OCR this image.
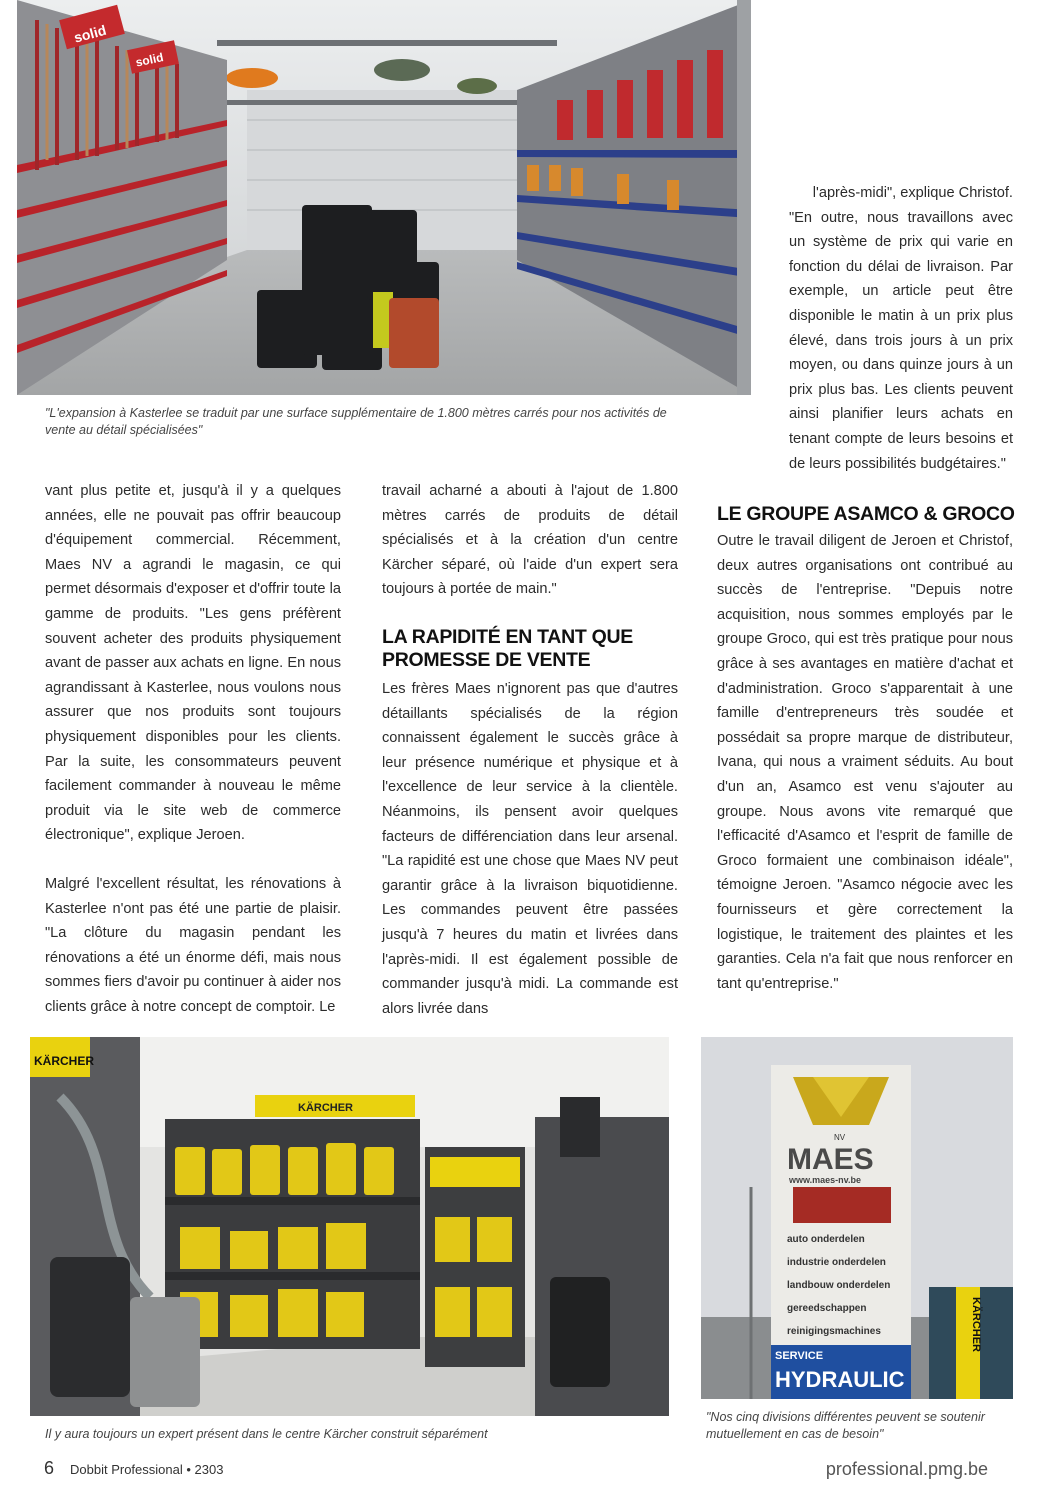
solid
solid
"L'expansion à Kasterlee se traduit par une surface supplémentaire de 1.800 mètres carrés pour nos activités de vente au détail spécialisées"

l'après-midi", explique Christof.

"En outre, nous travaillons avec un système de prix qui varie en fonction du délai de livraison. Par exemple, un article peut être disponible le matin à un prix plus élevé, dans trois jours à un prix moyen, ou dans quinze jours à un prix plus bas. Les clients peuvent ainsi planifier leurs achats en tenant compte de leurs besoins et de leurs possibilités budgétaires."

vant plus petite et, jusqu'à il y a quelques années, elle ne pouvait pas offrir beaucoup d'équipement commercial. Récemment, Maes NV a agrandi le magasin, ce qui permet désormais d'exposer et d'offrir toute la gamme de produits. "Les gens préfèrent souvent acheter des produits physiquement avant de passer aux achats en ligne. En nous agrandissant à Kasterlee, nous voulons nous assurer que nos produits sont toujours physiquement disponibles pour les clients. Par la suite, les consommateurs peuvent facilement commander à nouveau le même produit via le site web de commerce électronique", explique Jeroen.

Malgré l'excellent résultat, les rénovations à Kasterlee n'ont pas été une partie de plaisir. "La clôture du magasin pendant les rénovations a été un énorme défi, mais nous sommes fiers d'avoir pu continuer à aider nos clients grâce à notre concept de comptoir. Le

travail acharné a abouti à l'ajout de 1.800 mètres carrés de produits de détail spécialisés et à la création d'un centre Kärcher séparé, où l'aide d'un expert sera toujours à portée de main."

LA RAPIDITÉ EN TANT QUE
PROMESSE DE VENTE

Les frères Maes n'ignorent pas que d'autres détaillants spécialisés de la région connaissent également le succès grâce à leur présence numérique et physique et à l'excellence de leur service à la clientèle. Néanmoins, ils pensent avoir quelques facteurs de différenciation dans leur arsenal. "La rapidité est une chose que Maes NV peut garantir grâce à la livraison biquotidienne. Les commandes peuvent être passées jusqu'à 7 heures du matin et livrées dans l'après-midi. Il est également possible de commander jusqu'à midi. La commande est alors livrée dans

LE GROUPE ASAMCO & GROCO

Outre le travail diligent de Jeroen et Christof, deux autres organisations ont contribué au succès de l'entreprise. "Depuis notre acquisition, nous sommes employés par le groupe Groco, qui est très pratique pour nous grâce à ses avantages en matière d'achat et d'administration. Groco s'apparentait à une famille d'entrepreneurs très soudée et possédait sa propre marque de distributeur, Ivana, qui nous a vraiment séduits. Au bout d'un an, Asamco est venu s'ajouter au groupe. Nous avons vite remarqué que l'efficacité d'Asamco et l'esprit de famille de Groco formaient une combinaison idéale", témoigne Jeroen. "Asamco négocie avec les fournisseurs et gère correctement la logistique, le traitement des plaintes et les garanties. Cela n'a fait que nous renforcer en tant qu'entreprise."

KÄRCHER
KÄRCHER
Il y aura toujours un expert présent dans le centre Kärcher construit séparément
NV
MAES
www.maes-nv.be
auto onderdelen
industrie onderdelen
landbouw onderdelen
gereedschappen
reinigingsmachines
SERVICE
HYDRAULIC
KÄRCHER
"Nos cinq divisions différentes peuvent se soutenir mutuellement en cas de besoin"
6 Dobbit Professional • 2303	professional.pmg.be
